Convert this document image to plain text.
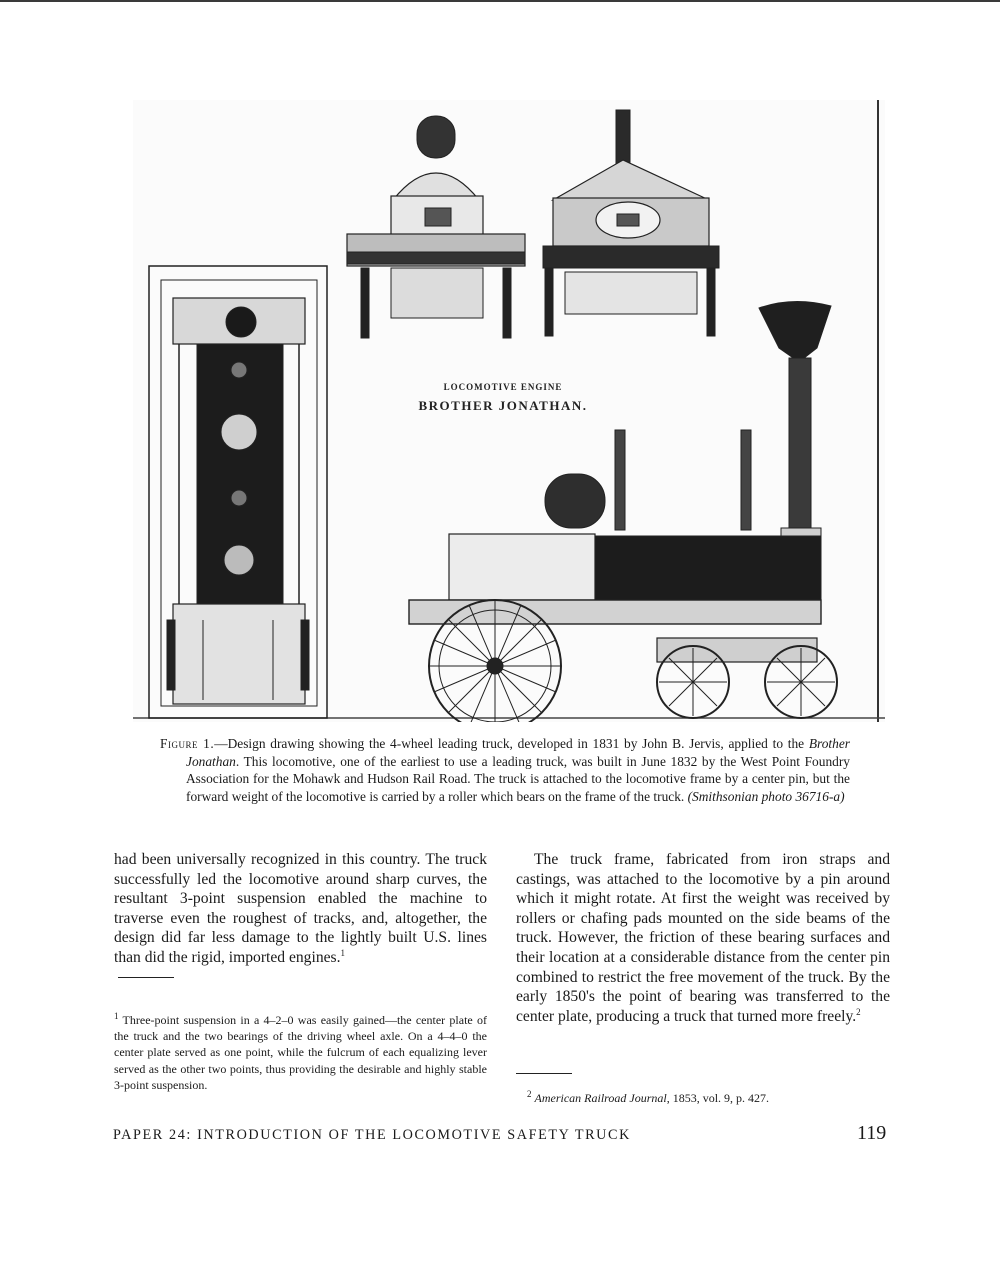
LOCOMOTIVE ENGINE
BROTHER JONATHAN.
Figure 1.—Design drawing showing the 4-wheel leading truck, developed in 1831 by John B. Jervis, applied to the Brother Jonathan. This locomotive, one of the earliest to use a leading truck, was built in June 1832 by the West Point Foundry Association for the Mohawk and Hudson Rail Road. The truck is attached to the locomotive frame by a center pin, but the forward weight of the locomotive is carried by a roller which bears on the frame of the truck. (Smithsonian photo 36716-a)

had been universally recognized in this country. The truck successfully led the locomotive around sharp curves, the resultant 3-point suspension enabled the machine to traverse even the roughest of tracks, and, altogether, the design did far less damage to the lightly built U.S. lines than did the rigid, imported engines.$^1$

$^1$ Three-point suspension in a 4–2–0 was easily gained—the center plate of the truck and the two bearings of the driving wheel axle. On a 4–4–0 the center plate served as one point, while the fulcrum of each equalizing lever served as the other two points, thus providing the desirable and highly stable 3-point suspension.

The truck frame, fabricated from iron straps and castings, was attached to the locomotive by a pin around which it might rotate. At first the weight was received by rollers or chafing pads mounted on the side beams of the truck. However, the friction of these bearing surfaces and their location at a considerable distance from the center pin combined to restrict the free movement of the truck. By the early 1850's the point of bearing was transferred to the center plate, producing a truck that turned more freely.$^2$

$^2$ American Railroad Journal, 1853, vol. 9, p. 427.

PAPER 24: INTRODUCTION OF THE LOCOMOTIVE SAFETY TRUCK	119
